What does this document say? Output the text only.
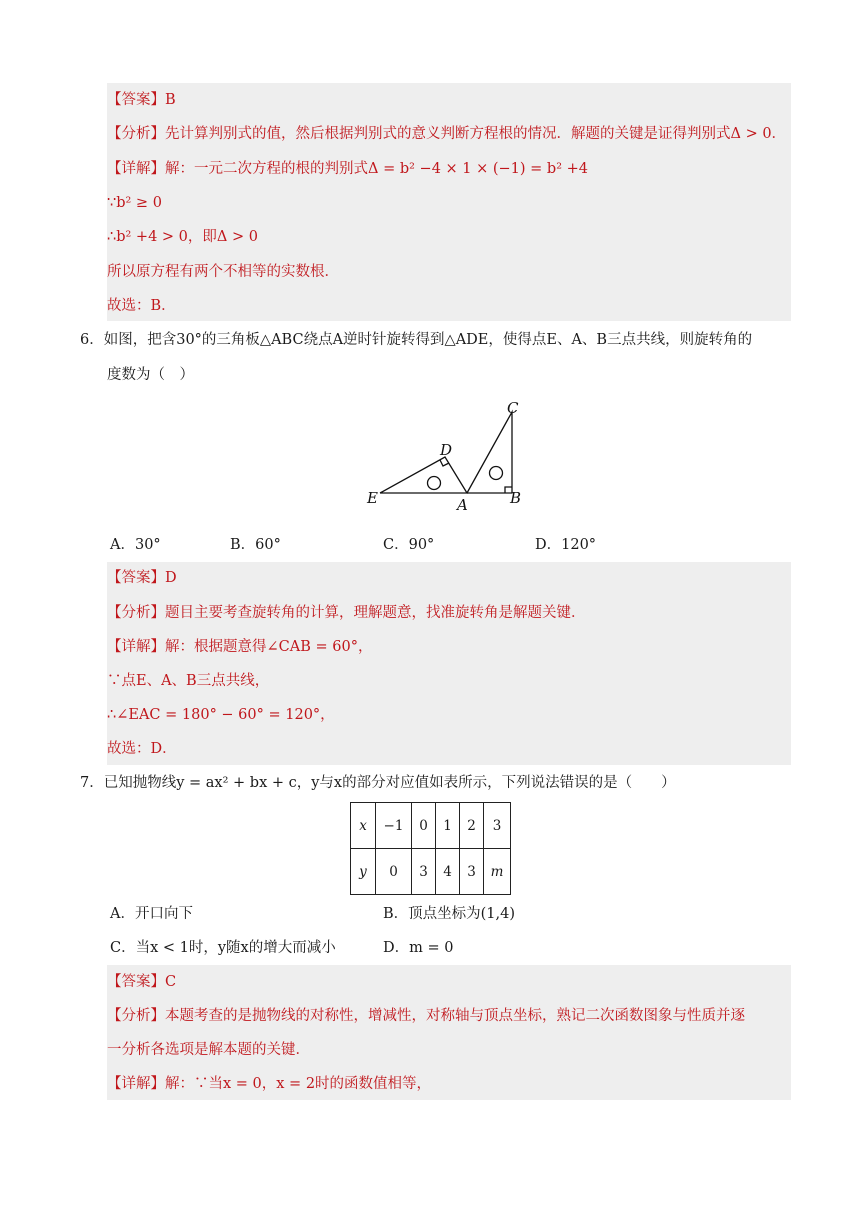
【答案】B
【分析】先计算判别式的值，然后根据判别式的意义判断方程根的情况．解题的关键是证得判别式Δ > 0．
【详解】解：一元二次方程的根的判别式Δ = b² −4 × 1 × (−1) = b² +4
∵b² ≥ 0
∴b² +4 > 0，即Δ > 0
所以原方程有两个不相等的实数根．
故选：B．
6．如图，把含30°的三角板△ABC绕点A逆时针旋转得到△ADE，使得点E、A、B三点共线，则旋转角的
度数为（　）
C
D
E	A	B
A．30°	B．60°	C．90°	D．120°
【答案】D
【分析】题目主要考查旋转角的计算，理解题意，找准旋转角是解题关键．
【详解】解：根据题意得∠CAB = 60°，
∵点E、A、B三点共线，
∴∠EAC = 180° − 60° = 120°，
故选：D．
7．已知抛物线y = ax² + bx + c，y与x的部分对应值如表所示，下列说法错误的是（　　）
x	−1	0	1	2	3
y	0	3	4	3	m
A．开口向下	B．顶点坐标为(1,4)
C．当x < 1时，y随x的增大而减小	D．m = 0
【答案】C
【分析】本题考查的是抛物线的对称性，增减性，对称轴与顶点坐标，熟记二次函数图象与性质并逐
一分析各选项是解本题的关键．
【详解】解：∵当x = 0，x = 2时的函数值相等，
